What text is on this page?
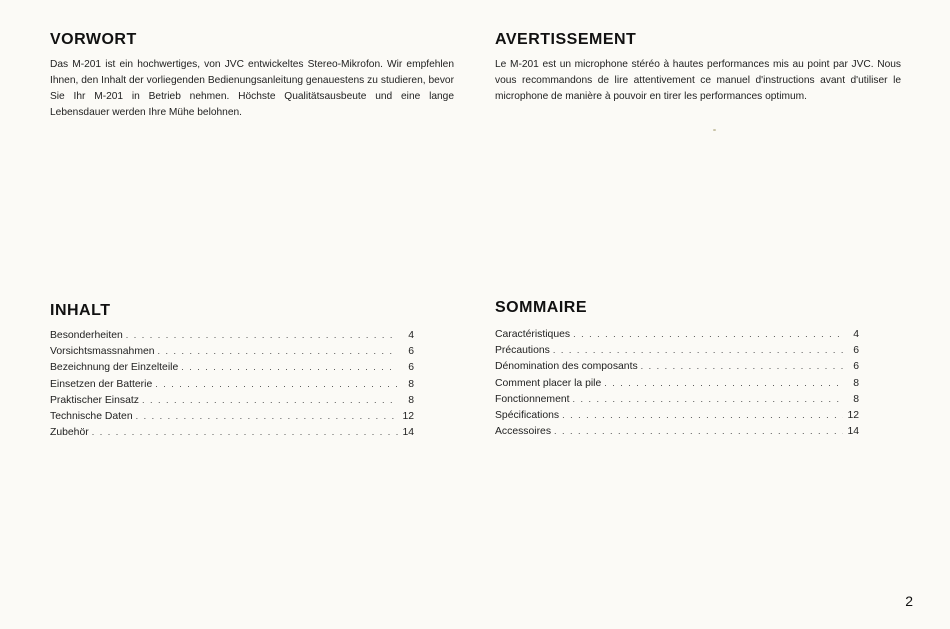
VORWORT

Das M-201 ist ein hochwertiges, von JVC entwickeltes Stereo-Mikrofon. Wir empfehlen Ihnen, den Inhalt der vorliegenden Bedienungsanleitung genauestens zu studieren, bevor Sie Ihr M-201 in Betrieb nehmen. Höchste Qualitätsausbeute und eine lange Lebensdauer werden Ihre Mühe belohnen.

AVERTISSEMENT

Le M-201 est un microphone stéréo à hautes performances mis au point par JVC. Nous vous recommandons de lire attentivement ce manuel d'instructions avant d'utiliser le microphone de manière à pouvoir en tirer les performances optimum.

INHALT
Besonderheiten . . .	4
Vorsichtsmassnahmen . . .	6
Bezeichnung der Einzelteile . . .	6
Einsetzen der Batterie . . .	8
Praktischer Einsatz . . .	8
Technische Daten . . .	12
Zubehör . . .	14
SOMMAIRE
Caractéristiques . . .	4
Précautions . . .	6
Dénomination des composants . . .	6
Comment placer la pile . . .	8
Fonctionnement . . .	8
Spécifications . . .	12
Accessoires . . .	14
2
